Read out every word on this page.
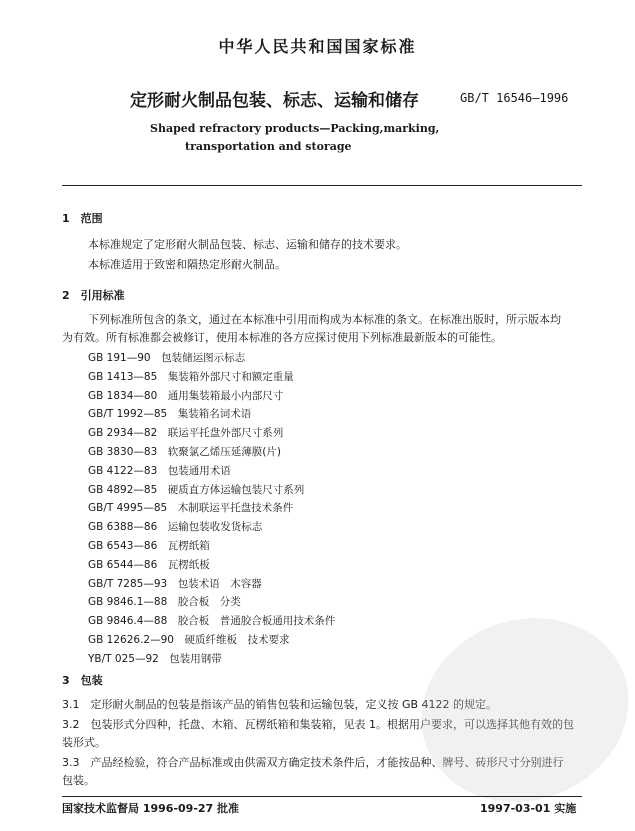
中华人民共和国国家标准
定形耐火制品包装、标志、运输和储存	GB/T 16546—1996
Shaped refractory products—Packing,marking,
transportation and storage
1　范围
本标准规定了定形耐火制品包装、标志、运输和储存的技术要求。
本标准适用于致密和隔热定形耐火制品。
2　引用标准
下列标准所包含的条文，通过在本标准中引用而构成为本标准的条文。在标准出版时，所示版本均
为有效。所有标准都会被修订，使用本标准的各方应探讨使用下列标准最新版本的可能性。
GB 191—90　包装储运图示标志
GB 1413—85　集装箱外部尺寸和额定重量
GB 1834—80　通用集装箱最小内部尺寸
GB/T 1992—85　集装箱名词术语
GB 2934—82　联运平托盘外部尺寸系列
GB 3830—83　软聚氯乙烯压延薄膜(片)
GB 4122—83　包装通用术语
GB 4892—85　硬质直方体运输包装尺寸系列
GB/T 4995—85　木制联运平托盘技术条件
GB 6388—86　运输包装收发货标志
GB 6543—86　瓦楞纸箱
GB 6544—86　瓦楞纸板
GB/T 7285—93　包装术语　木容器
GB 9846.1—88　胶合板　分类
GB 9846.4—88　胶合板　普通胶合板通用技术条件
GB 12626.2—90　硬质纤维板　技术要求
YB/T 025—92　包装用钢带
3　包装
3.1　定形耐火制品的包装是指该产品的销售包装和运输包装，定义按 GB 4122 的规定。
3.2　包装形式分四种，托盘、木箱、瓦楞纸箱和集装箱，见表 1。根据用户要求，可以选择其他有效的包
装形式。
3.3　产品经检验，符合产品标准或由供需双方确定技术条件后，才能按品种、牌号、砖形尺寸分别进行
包装。
国家技术监督局 1996-09-27 批准	1997-03-01 实施
